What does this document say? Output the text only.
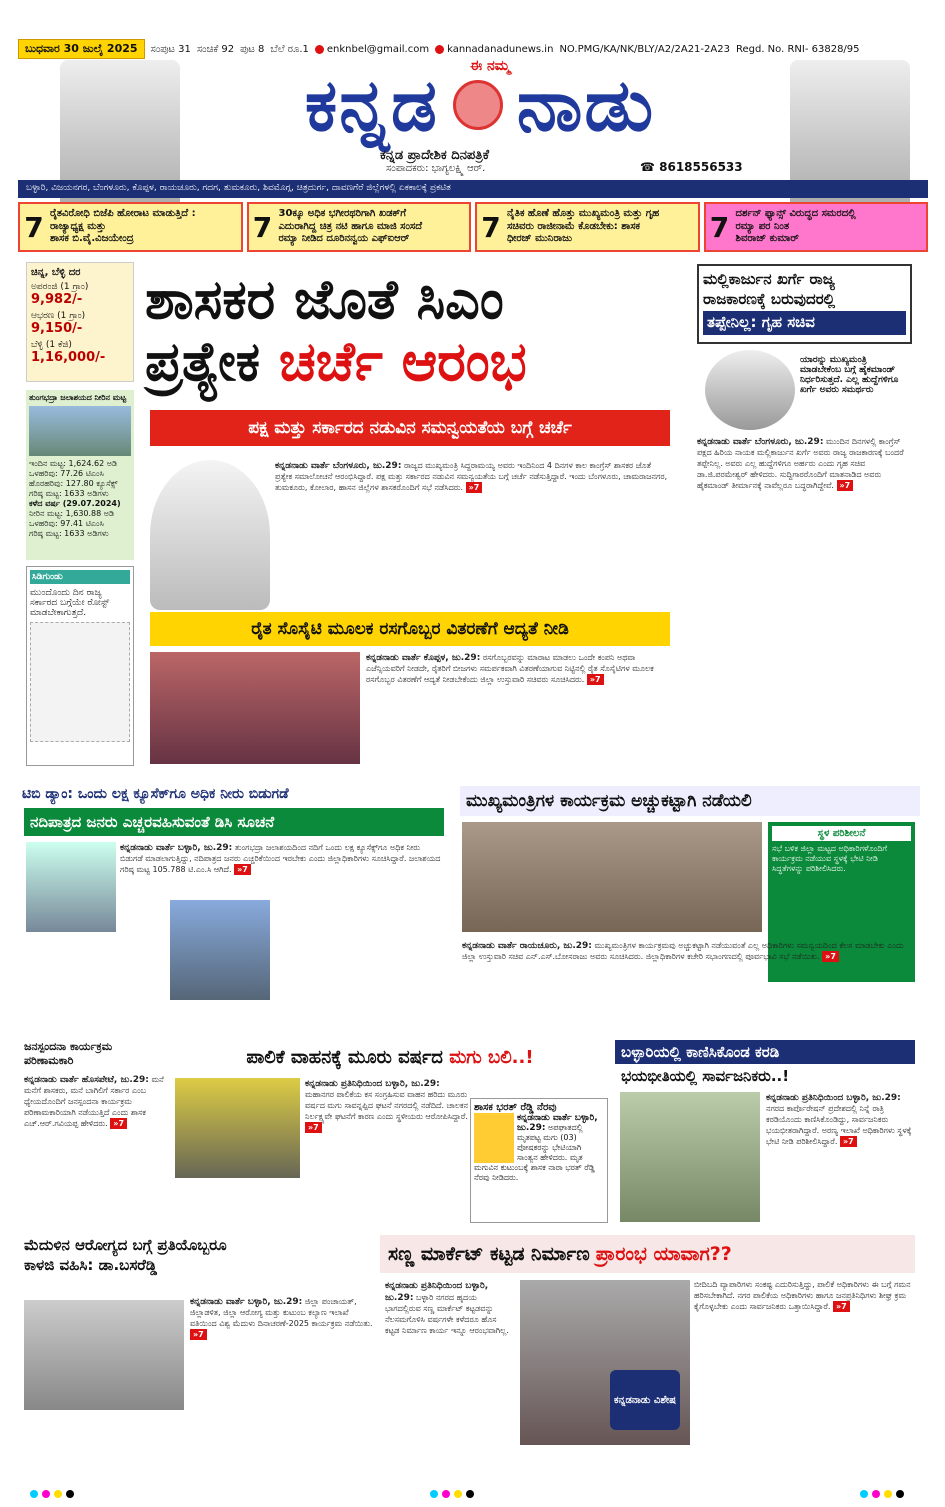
ಬುಧವಾರ 30 ಜುಲೈ 2025	ಸಂಪುಟ 31 ಸಂಚಿಕೆ 92 ಪುಟ 8 ಬೆಲೆ ರೂ.1 enknbel@gmail.com kannadanadunews.in NO.PMG/KA/NK/BLY/A2/2A21-2A23 Regd. No. RNI- 63828/95
ಈ ನಮ್ಮ
ಕನ್ನಡ ನಾಡು
ಕನ್ನಡ ಪ್ರಾದೇಶಿಕ ದಿನಪತ್ರಿಕೆ
ಸಂಪಾದಕರು: ಭಾಗ್ಯಲಕ್ಷ್ಮಿ ಆರ್.	☎ 8618556533
ಬಳ್ಳಾರಿ, ವಿಜಯನಗರ, ಬೆಂಗಳೂರು, ಕೊಪ್ಪಳ, ರಾಯಚೂರು, ಗದಗ, ತುಮಕೂರು, ಶಿವಮೊಗ್ಗ, ಚಿತ್ರದುರ್ಗ, ದಾವಣಗೆರೆ ಜಿಲ್ಲೆಗಳಲ್ಲಿ ಏಕಕಾಲಕ್ಕೆ ಪ್ರಕಟಿತ
7 ರೈತವಿರೋಧಿ ಬಿಜೆಪಿ ಹೋರಾಟ ಮಾಡುತ್ತಿದೆ :
ರಾಜ್ಯಾಧ್ಯಕ್ಷ ಮತ್ತು
ಶಾಸಕ ಬಿ.ವೈ.ವಿಜಯೇಂದ್ರ	7 30ಕ್ಕೂ ಅಧಿಕ ಭಗೀರಥರಿಗಾಗಿ ಖಡಕ್‌ಗೆ
ಎದುರಾಗಿದ್ದ ಚಿತ್ರ ನಟಿ ಹಾಗೂ ಮಾಜಿ ಸಂಸದೆ
ರಮ್ಯಾ ನೀಡಿದ ದೂರಿನನ್ವಯ ಎಫ್‌ಐಆರ್	7 ನೈತಿಕ ಹೊಣೆ ಹೊತ್ತು ಮುಖ್ಯಮಂತ್ರಿ ಮತ್ತು ಗೃಹ
ಸಚಿವರು ರಾಜೀನಾಮೆ ಕೊಡಬೇಕು: ಶಾಸಕ
ಧೀರಜ್ ಮುನಿರಾಜು	7 ದರ್ಶನ್ ಫ್ಯಾನ್ಸ್ ವಿರುದ್ಧದ ಸಮರದಲ್ಲಿ
ರಮ್ಯಾ ಪರ ನಿಂತ
ಶಿವರಾಜ್ ಕುಮಾರ್
ಚಿನ್ನ, ಬೆಳ್ಳಿ ದರ
ಅಪರಂಜಿ (1 ಗ್ರಾಂ)
9,982/-
ಆಭರಣ (1 ಗ್ರಾಂ)
9,150/-
ಬೆಳ್ಳಿ (1 ಕೆಜಿ)
1,16,000/-
ತುಂಗಭದ್ರಾ ಜಲಾಶಯದ ನೀರಿನ ಮಟ್ಟ
ಇಂದಿನ ಮಟ್ಟ: 1,624.62 ಅಡಿ
ಒಳಹರಿವು: 77.26 ಟಿಎಂಸಿ
ಹೊರಹರಿವು: 127.80 ಕ್ಯೂಸೆಕ್ಸ್
ಗರಿಷ್ಠ ಮಟ್ಟ: 1633 ಅಡಿಗಳು
ಕಳೆದ ವರ್ಷ (29.07.2024)
ನೀರಿನ ಮಟ್ಟ: 1,630.88 ಅಡಿ
ಒಳಹರಿವು: 97.41 ಟಿಎಂಸಿ
ಗರಿಷ್ಠ ಮಟ್ಟ: 1633 ಅಡಿಗಳು
ಸಿಡಿಗುಂಡು
ಮುಂದೊಂದು ದಿನ ರಾಜ್ಯ ಸರ್ಕಾರದ ಬಗ್ಗೆಯೇ ರೋಸ್ಟ್ ಮಾಡಬೇಕಾಗುತ್ತದೆ.
ಶಾಸಕರ ಜೊತೆ ಸಿಎಂ
ಪ್ರತ್ಯೇಕ ಚರ್ಚೆ ಆರಂಭ
ಪಕ್ಷ ಮತ್ತು ಸರ್ಕಾರದ ನಡುವಿನ ಸಮನ್ವಯತೆಯ ಬಗ್ಗೆ ಚರ್ಚೆ
ಕನ್ನಡನಾಡು ವಾರ್ತೆ ಬೆಂಗಳೂರು, ಜು.29: ರಾಜ್ಯದ ಮುಖ್ಯಮಂತ್ರಿ ಸಿದ್ದರಾಮಯ್ಯ ಅವರು ಇಂದಿನಿಂದ 4 ದಿನಗಳ ಕಾಲ ಕಾಂಗ್ರೆಸ್ ಶಾಸಕರ ಜೊತೆ ಪ್ರತ್ಯೇಕ ಸಮಾಲೋಚನೆ ಆರಂಭಿಸಿದ್ದಾರೆ. ಪಕ್ಷ ಮತ್ತು ಸರ್ಕಾರದ ನಡುವಿನ ಸಮನ್ವಯತೆಯ ಬಗ್ಗೆ ಚರ್ಚೆ ನಡೆಸುತ್ತಿದ್ದಾರೆ. ಇಂದು ಬೆಂಗಳೂರು, ಚಾಮರಾಜನಗರ, ತುಮಕೂರು, ಕೋಲಾರ, ಹಾಸನ ಜಿಲ್ಲೆಗಳ ಶಾಸಕರೊಂದಿಗೆ ಸಭೆ ನಡೆಸಿದರು. »7
ರೈತ ಸೊಸೈಟಿ ಮೂಲಕ ರಸಗೊಬ್ಬರ ವಿತರಣೆಗೆ ಆದ್ಯತೆ ನೀಡಿ
ಕನ್ನಡನಾಡು ವಾರ್ತೆ ಕೊಪ್ಪಳ, ಜು.29: ರಸಗೊಬ್ಬರವನ್ನು ಮಾರಾಟ ಮಾಡಲು ಒಂದೇ ಕಂಪನಿ ಅಥವಾ ಎಜೆನ್ಸಿಯವರಿಗೆ ನೀಡದೇ, ರೈತರಿಗೆ ಬೀಜಗಳು ಸಮರ್ಪಕವಾಗಿ ವಿತರಣೆಯಾಗುವ ನಿಟ್ಟಿನಲ್ಲಿ ರೈತ ಸೊಸೈಟಿಗಳ ಮೂಲಕ ರಸಗೊಬ್ಬರ ವಿತರಣೆಗೆ ಆದ್ಯತೆ ನೀಡಬೇಕೆಂದು ಜಿಲ್ಲಾ ಉಸ್ತುವಾರಿ ಸಚಿವರು ಸೂಚಿಸಿದರು. »7
ಮಲ್ಲಿಕಾರ್ಜುನ ಖರ್ಗೆ ರಾಜ್ಯ
ರಾಜಕಾರಣಕ್ಕೆ ಬರುವುದರಲ್ಲಿ
ತಪ್ಪೇನಿಲ್ಲ: ಗೃಹ ಸಚಿವ
ಯಾರನ್ನು ಮುಖ್ಯಮಂತ್ರಿ ಮಾಡಬೇಕೆಂಬ ಬಗ್ಗೆ ಹೈಕಮಾಂಡ್ ನಿರ್ಧರಿಸುತ್ತದೆ. ಎಲ್ಲ ಹುದ್ದೆಗಳಿಗೂ ಖರ್ಗೆ ಅವರು ಸಮರ್ಥರು
ಕನ್ನಡನಾಡು ವಾರ್ತೆ ಬೆಂಗಳೂರು, ಜು.29: ಮುಂದಿನ ದಿನಗಳಲ್ಲಿ ಕಾಂಗ್ರೆಸ್ ಪಕ್ಷದ ಹಿರಿಯ ನಾಯಕ ಮಲ್ಲಿಕಾರ್ಜುನ ಖರ್ಗೆ ಅವರು ರಾಜ್ಯ ರಾಜಕಾರಣಕ್ಕೆ ಬಂದರೆ ತಪ್ಪೇನಿಲ್ಲ. ಅವರು ಎಲ್ಲ ಹುದ್ದೆಗಳಿಗೂ ಅರ್ಹರು ಎಂದು ಗೃಹ ಸಚಿವ ಡಾ.ಜಿ.ಪರಮೇಶ್ವರ್ ಹೇಳಿದರು. ಸುದ್ದಿಗಾರರೊಂದಿಗೆ ಮಾತನಾಡಿದ ಅವರು ಹೈಕಮಾಂಡ್ ತೀರ್ಮಾನಕ್ಕೆ ನಾವೆಲ್ಲರೂ ಬದ್ಧರಾಗಿದ್ದೇವೆ. »7
ಟಿಬಿ ಡ್ಯಾಂ: ಒಂದು ಲಕ್ಷ ಕ್ಯೂಸೆಕ್‌ಗೂ ಅಧಿಕ ನೀರು ಬಿಡುಗಡೆ
ನದಿಪಾತ್ರದ ಜನರು ಎಚ್ಚರವಹಿಸುವಂತೆ ಡಿಸಿ ಸೂಚನೆ
ಕನ್ನಡನಾಡು ವಾರ್ತೆ ಬಳ್ಳಾರಿ, ಜು.29: ತುಂಗಭದ್ರಾ ಜಲಾಶಯದಿಂದ ನದಿಗೆ ಒಂದು ಲಕ್ಷ ಕ್ಯೂಸೆಕ್ಸ್‌ಗೂ ಅಧಿಕ ನೀರು ಬಿಡುಗಡೆ ಮಾಡಲಾಗುತ್ತಿದ್ದು, ನದಿಪಾತ್ರದ ಜನರು ಎಚ್ಚರಿಕೆಯಿಂದ ಇರಬೇಕು ಎಂದು ಜಿಲ್ಲಾಧಿಕಾರಿಗಳು ಸೂಚಿಸಿದ್ದಾರೆ. ಜಲಾಶಯದ ಗರಿಷ್ಠ ಮಟ್ಟ 105.788 ಟಿ.ಎಂ.ಸಿ ಆಗಿದೆ. »7
ಮುಖ್ಯಮಂತ್ರಿಗಳ ಕಾರ್ಯಕ್ರಮ ಅಚ್ಚುಕಟ್ಟಾಗಿ ನಡೆಯಲಿ
ಸ್ಥಳ ಪರಿಶೀಲನೆ
ಸಭೆ ಬಳಿಕ ಜಿಲ್ಲಾ ಮಟ್ಟದ ಅಧಿಕಾರಿಗಳೊಂದಿಗೆ ಕಾರ್ಯಕ್ರಮ ನಡೆಯುವ ಸ್ಥಳಕ್ಕೆ ಭೇಟಿ ನೀಡಿ ಸಿದ್ಧತೆಗಳನ್ನು ಪರಿಶೀಲಿಸಿದರು.
ಕನ್ನಡನಾಡು ವಾರ್ತೆ ರಾಯಚೂರು, ಜು.29: ಮುಖ್ಯಮಂತ್ರಿಗಳ ಕಾರ್ಯಕ್ರಮವು ಅಚ್ಚುಕಟ್ಟಾಗಿ ನಡೆಯುವಂತೆ ಎಲ್ಲ ಅಧಿಕಾರಿಗಳು ಸಮನ್ವಯದಿಂದ ಕೆಲಸ ಮಾಡಬೇಕು ಎಂದು ಜಿಲ್ಲಾ ಉಸ್ತುವಾರಿ ಸಚಿವ ಎನ್.ಎಸ್.ಬೋಸರಾಜು ಅವರು ಸೂಚಿಸಿದರು. ಜಿಲ್ಲಾಧಿಕಾರಿಗಳ ಕಚೇರಿ ಸಭಾಂಗಣದಲ್ಲಿ ಪೂರ್ವಭಾವಿ ಸಭೆ ನಡೆಯಿತು. »7
ಜನಸ್ಪಂದನಾ ಕಾರ್ಯಕ್ರಮ ಪರಿಣಾಮಕಾರಿ
ಕನ್ನಡನಾಡು ವಾರ್ತೆ ಹೊಸಪೇಟೆ, ಜು.29: ಮನೆ ಮನೆಗೆ ಶಾಸಕರು, ಮನೆ ಬಾಗಿಲಿಗೆ ಸರ್ಕಾರ ಎಂಬ ಧ್ಯೇಯದೊಂದಿಗೆ ಜನಸ್ಪಂದನಾ ಕಾರ್ಯಕ್ರಮ ಪರಿಣಾಮಕಾರಿಯಾಗಿ ನಡೆಯುತ್ತಿದೆ ಎಂದು ಶಾಸಕ ಎಚ್.ಆರ್.ಗವಿಯಪ್ಪ ಹೇಳಿದರು. »7
ಪಾಲಿಕೆ ವಾಹನಕ್ಕೆ ಮೂರು ವರ್ಷದ
ಮಗು ಬಲಿ..!
ಕನ್ನಡನಾಡು ಪ್ರತಿನಿಧಿಯಿಂದ ಬಳ್ಳಾರಿ, ಜು.29: ಮಹಾನಗರ ಪಾಲಿಕೆಯ ಕಸ ಸಂಗ್ರಹಿಸುವ ವಾಹನ ಹರಿದು ಮೂರು ವರ್ಷದ ಮಗು ಸಾವನ್ನಪ್ಪಿದ ಘಟನೆ ನಗರದಲ್ಲಿ ನಡೆದಿದೆ. ಚಾಲಕನ ನಿರ್ಲಕ್ಷ್ಯವೇ ಘಟನೆಗೆ ಕಾರಣ ಎಂದು ಸ್ಥಳೀಯರು ಆರೋಪಿಸಿದ್ದಾರೆ. »7
ಶಾಸಕ ಭರತ್ ರೆಡ್ಡಿ ನೆರವು
ಕನ್ನಡನಾಡು ವಾರ್ತೆ ಬಳ್ಳಾರಿ, ಜು.29: ಅಪಘಾತದಲ್ಲಿ ಮೃತಪಟ್ಟ ಮಗು (03) ಪೋಷಕರನ್ನು ಭೇಟಿಯಾಗಿ ಸಾಂತ್ವನ ಹೇಳಿದರು. ಮೃತ ಮಗುವಿನ ಕುಟುಂಬಕ್ಕೆ ಶಾಸಕ ನಾರಾ ಭರತ್ ರೆಡ್ಡಿ ನೆರವು ನೀಡಿದರು.
ಬಳ್ಳಾರಿಯಲ್ಲಿ ಕಾಣಿಸಿಕೊಂಡ ಕರಡಿ
ಭಯಭೀತಿಯಲ್ಲಿ ಸಾರ್ವಜನಿಕರು..!
ಕನ್ನಡನಾಡು ಪ್ರತಿನಿಧಿಯಿಂದ ಬಳ್ಳಾರಿ, ಜು.29: ನಗರದ ಕಾರ್ಪೊರೇಷನ್ ಪ್ರದೇಶದಲ್ಲಿ ನಿನ್ನೆ ರಾತ್ರಿ ಕರಡಿಯೊಂದು ಕಾಣಿಸಿಕೊಂಡಿದ್ದು, ಸಾರ್ವಜನಿಕರು ಭಯಭೀತರಾಗಿದ್ದಾರೆ. ಅರಣ್ಯ ಇಲಾಖೆ ಅಧಿಕಾರಿಗಳು ಸ್ಥಳಕ್ಕೆ ಭೇಟಿ ನೀಡಿ ಪರಿಶೀಲಿಸಿದ್ದಾರೆ. »7
ಮೆದುಳಿನ ಆರೋಗ್ಯದ ಬಗ್ಗೆ ಪ್ರತಿಯೊಬ್ಬರೂ
ಕಾಳಜಿ ವಹಿಸಿ: ಡಾ.ಬಸರೆಡ್ಡಿ
ಕನ್ನಡನಾಡು ವಾರ್ತೆ ಬಳ್ಳಾರಿ, ಜು.29: ಜಿಲ್ಲಾ ಪಂಚಾಯತ್, ಜಿಲ್ಲಾಡಳಿತ, ಜಿಲ್ಲಾ ಆರೋಗ್ಯ ಮತ್ತು ಕುಟುಂಬ ಕಲ್ಯಾಣ ಇಲಾಖೆ ವತಿಯಿಂದ ವಿಶ್ವ ಮೆದುಳು ದಿನಾಚರಣೆ-2025 ಕಾರ್ಯಕ್ರಮ ನಡೆಯಿತು. »7
ಸಣ್ಣ ಮಾರ್ಕೆಟ್ ಕಟ್ಟಡ ನಿರ್ಮಾಣ ಪ್ರಾರಂಭ ಯಾವಾಗ??
ಕನ್ನಡನಾಡು ಪ್ರತಿನಿಧಿಯಿಂದ ಬಳ್ಳಾರಿ, ಜು.29: ಬಳ್ಳಾರಿ ನಗರದ ಹೃದಯ ಭಾಗದಲ್ಲಿರುವ ಸಣ್ಣ ಮಾರ್ಕೆಟ್ ಕಟ್ಟಡವನ್ನು ನೆಲಸಮಗೊಳಿಸಿ ವರ್ಷಗಳೇ ಕಳೆದರೂ ಹೊಸ ಕಟ್ಟಡ ನಿರ್ಮಾಣ ಕಾರ್ಯ ಇನ್ನೂ ಆರಂಭವಾಗಿಲ್ಲ.
ಕನ್ನಡನಾಡು ವಿಶೇಷ
ಬೀದಿಬದಿ ವ್ಯಾಪಾರಿಗಳು ಸಂಕಷ್ಟ ಎದುರಿಸುತ್ತಿದ್ದು, ಪಾಲಿಕೆ ಅಧಿಕಾರಿಗಳು ಈ ಬಗ್ಗೆ ಗಮನ ಹರಿಸಬೇಕಾಗಿದೆ. ನಗರ ಪಾಲಿಕೆಯ ಅಧಿಕಾರಿಗಳು ಹಾಗೂ ಜನಪ್ರತಿನಿಧಿಗಳು ಶೀಘ್ರ ಕ್ರಮ ಕೈಗೊಳ್ಳಬೇಕು ಎಂದು ಸಾರ್ವಜನಿಕರು ಒತ್ತಾಯಿಸಿದ್ದಾರೆ. »7
